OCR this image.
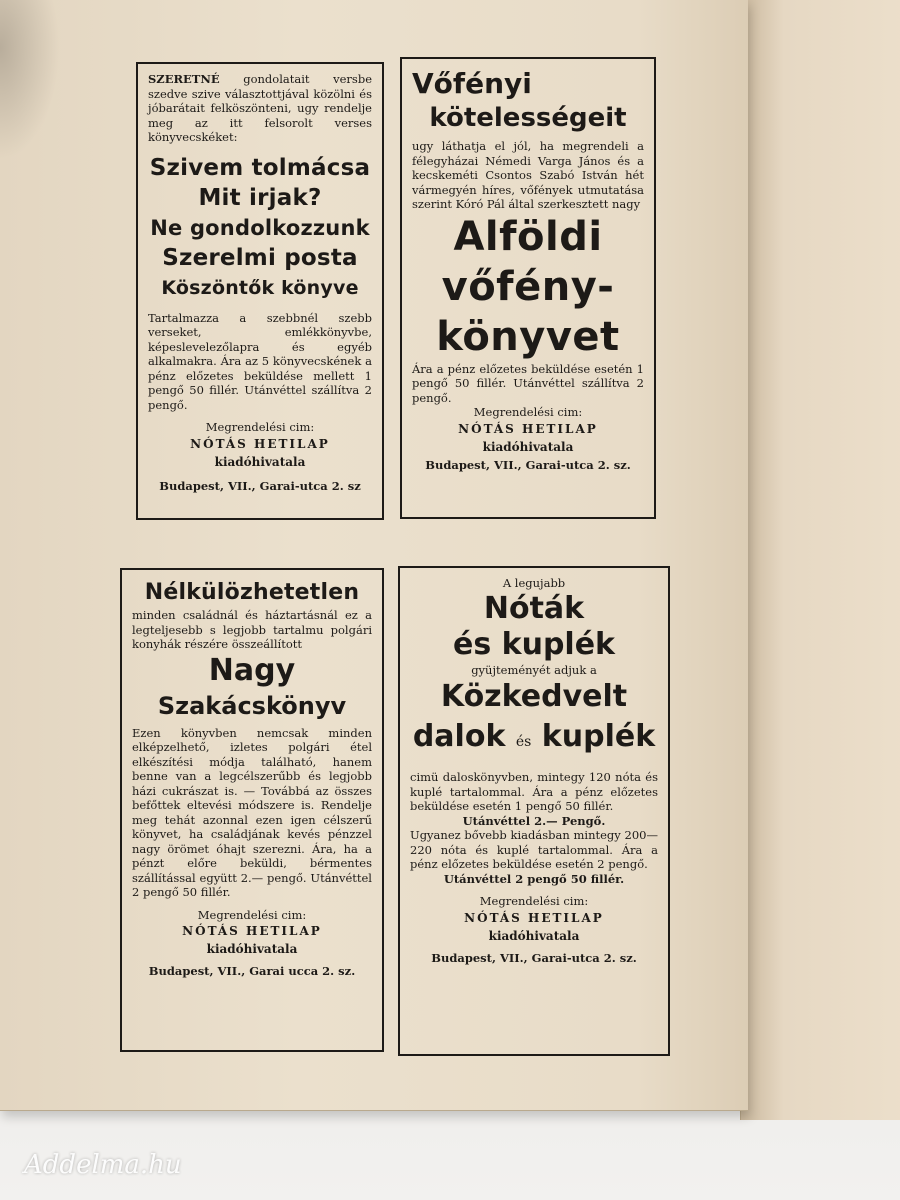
SZERETNÉ gondolatait versbe szedve szive választottjával közölni és jóbarátait felköszönteni, ugy rendelje meg az itt felsorolt verses könyvecskéket:
Szivem tolmácsa
Mit irjak?
Ne gondolkozzunk
Szerelmi posta
Köszöntők könyve
Tartalmazza a szebbnél szebb verseket, emlékkönyvbe, képeslevelezőlapra és egyéb alkalmakra. Ára az 5 könyvecskének a pénz előzetes beküldése mellett 1 pengő 50 fillér. Utánvéttel szállítva 2 pengő.
Megrendelési cim:
NÓTÁS HETILAP
kiadóhivatala
Budapest, VII., Garai-utca 2. sz
Vőfényi
kötelességeit
ugy láthatja el jól, ha megrendeli a félegyházai Némedi Varga János és a kecskeméti Csontos Szabó István hét vármegyén híres, vőfények utmutatása szerint Kóró Pál által szerkesztett nagy
Alföldi
vőfény-
könyvet
Ára a pénz előzetes beküldése esetén 1 pengő 50 fillér. Utánvéttel szállítva 2 pengő.
Megrendelési cim:
NÓTÁS HETILAP
kiadóhivatala
Budapest, VII., Garai-utca 2. sz.
Nélkülözhetetlen
minden családnál és háztartásnál ez a legteljesebb s legjobb tartalmu polgári konyhák részére összeállított
Nagy
Szakácskönyv
Ezen könyvben nemcsak minden elképzelhető, izletes polgári étel elkészítési módja található, hanem benne van a legcélszerűbb és legjobb házi cukrászat is. — Továbbá az összes befőttek eltevési módszere is. Rendelje meg tehát azonnal ezen igen célszerű könyvet, ha családjának kevés pénzzel nagy örömet óhajt szerezni. Ára, ha a pénzt előre beküldi, bérmentes szállítással együtt 2.— pengő. Utánvéttel 2 pengő 50 fillér.
Megrendelési cim:
NÓTÁS HETILAP
kiadóhivatala
Budapest, VII., Garai ucca 2. sz.
A legujabb
Nóták
és kuplék
gyüjteményét adjuk a
Közkedvelt
dalok és kuplék
cimü daloskönyvben, mintegy 120 nóta és kuplé tartalommal. Ára a pénz előzetes beküldése esetén 1 pengő 50 fillér.
Utánvéttel 2.— Pengő.
Ugyanez bővebb kiadásban mintegy 200—220 nóta és kuplé tartalommal. Ára a pénz előzetes beküldése esetén 2 pengő.
Utánvéttel 2 pengő 50 fillér.
Megrendelési cim:
NÓTÁS HETILAP
kiadóhivatala
Budapest, VII., Garai-utca 2. sz.
Addelma.hu
